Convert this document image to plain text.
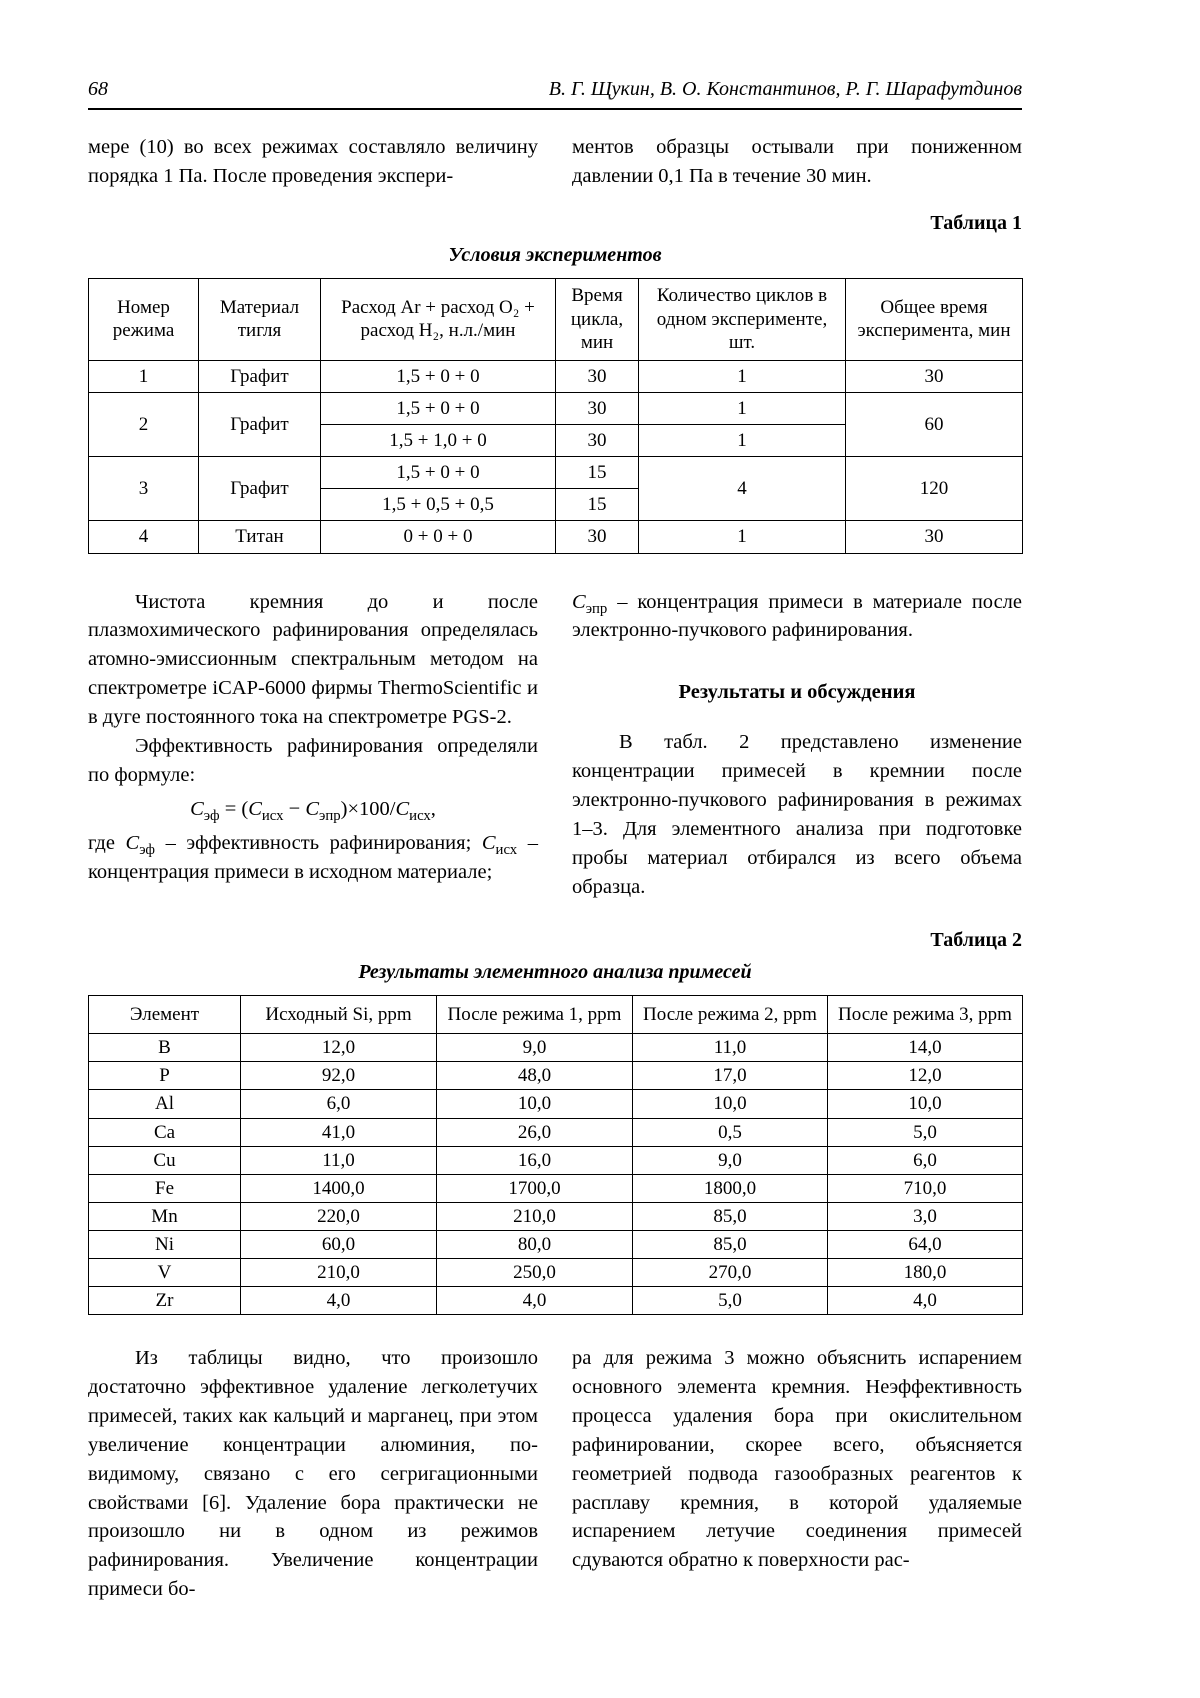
68	В. Г. Щукин, В. О. Константинов, Р. Г. Шарафутдинов

мере (10) во всех режимах составляло величину порядка 1 Па. После проведения экспери-

ментов образцы остывали при пониженном давлении 0,1 Па в течение 30 мин.

Таблица 1
Условия экспериментов
Номер режима	Материал тигля	Расход Ar + расход O₂ + расход H₂, н.л./мин	Время цикла, мин	Количество циклов в одном эксперименте, шт.	Общее время эксперимента, мин
1	Графит	1,5 + 0 + 0	30	1	30
2	Графит	1,5 + 0 + 0	30	1	60
		1,5 + 1,0 + 0	30	1	
3	Графит	1,5 + 0 + 0	15	4	120
		1,5 + 0,5 + 0,5	15		
4	Титан	0 + 0 + 0	30	1	30

Чистота кремния до и после плазмохимического рафинирования определялась атомно-эмиссионным спектральным методом на спектрометре iCAP-6000 фирмы ThermoScientific и в дуге постоянного тока на спектрометре PGS-2.

Эффективность рафинирования определяли по формуле:

$C_{эф} = (C_{исх} - C_{эпр})\times 100/C_{исх}$,

где $C_{эф}$ – эффективность рафинирования; $C_{исх}$ – концентрация примеси в исходном материале;

$C_{эпр}$ – концентрация примеси в материале после электронно-пучкового рафинирования.

Результаты и обсуждения

В табл. 2 представлено изменение концентрации примесей в кремнии после электронно-пучкового рафинирования в режимах 1–3. Для элементного анализа при подготовке пробы материал отбирался из всего объема образца.

Таблица 2
Результаты элементного анализа примесей
Элемент	Исходный Si, ppm	После режима 1, ppm	После режима 2, ppm	После режима 3, ppm
B	12,0	9,0	11,0	14,0
P	92,0	48,0	17,0	12,0
Al	6,0	10,0	10,0	10,0
Ca	41,0	26,0	0,5	5,0
Cu	11,0	16,0	9,0	6,0
Fe	1400,0	1700,0	1800,0	710,0
Mn	220,0	210,0	85,0	3,0
Ni	60,0	80,0	85,0	64,0
V	210,0	250,0	270,0	180,0
Zr	4,0	4,0	5,0	4,0

Из таблицы видно, что произошло достаточно эффективное удаление легколетучих примесей, таких как кальций и марганец, при этом увеличение концентрации алюминия, по-видимому, связано с его сегригационными свойствами [6]. Удаление бора практически не произошло ни в одном из режимов рафинирования. Увеличение концентрации примеси бо-

ра для режима 3 можно объяснить испарением основного элемента кремния. Неэффективность процесса удаления бора при окислительном рафинировании, скорее всего, объясняется геометрией подвода газообразных реагентов к расплаву кремния, в которой удаляемые испарением летучие соединения примесей сдуваются обратно к поверхности рас-
